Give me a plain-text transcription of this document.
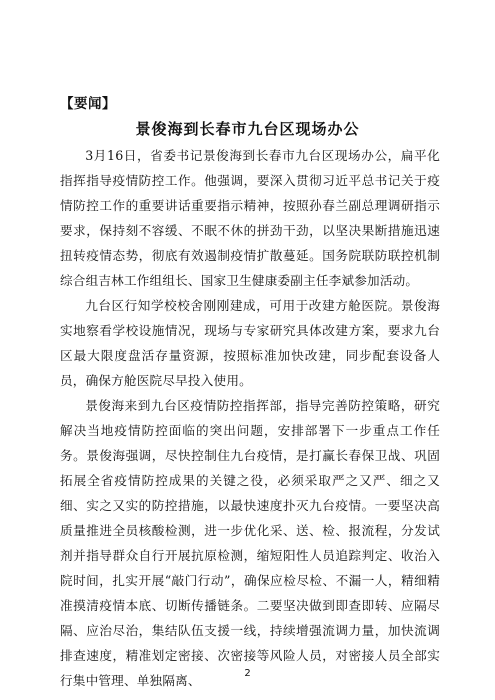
【要闻】
景俊海到长春市九台区现场办公

3月16日，省委书记景俊海到长春市九台区现场办公，扁平化指挥指导疫情防控工作。他强调，要深入贯彻习近平总书记关于疫情防控工作的重要讲话重要指示精神，按照孙春兰副总理调研指示要求，保持刻不容缓、不眠不休的拼劲干劲，以坚决果断措施迅速扭转疫情态势，彻底有效遏制疫情扩散蔓延。国务院联防联控机制综合组吉林工作组组长、国家卫生健康委副主任李斌参加活动。

九台区行知学校校舍刚刚建成，可用于改建方舱医院。景俊海实地察看学校设施情况，现场与专家研究具体改建方案，要求九台区最大限度盘活存量资源，按照标准加快改建，同步配套设备人员，确保方舱医院尽早投入使用。

景俊海来到九台区疫情防控指挥部，指导完善防控策略，研究解决当地疫情防控面临的突出问题，安排部署下一步重点工作任务。景俊海强调，尽快控制住九台疫情，是打赢长春保卫战、巩固拓展全省疫情防控成果的关键之役，必须采取严之又严、细之又细、实之又实的防控措施，以最快速度扑灭九台疫情。一要坚决高质量推进全员核酸检测，进一步优化采、送、检、报流程，分发试剂并指导群众自行开展抗原检测，缩短阳性人员追踪判定、收治入院时间，扎实开展“敲门行动”，确保应检尽检、不漏一人，精细精准摸清疫情本底、切断传播链条。二要坚决做到即查即转、应隔尽隔、应治尽治，集结队伍支援一线，持续增强流调力量，加快流调排查速度，精准划定密接、次密接等风险人员，对密接人员全部实行集中管理、单独隔离、	2
